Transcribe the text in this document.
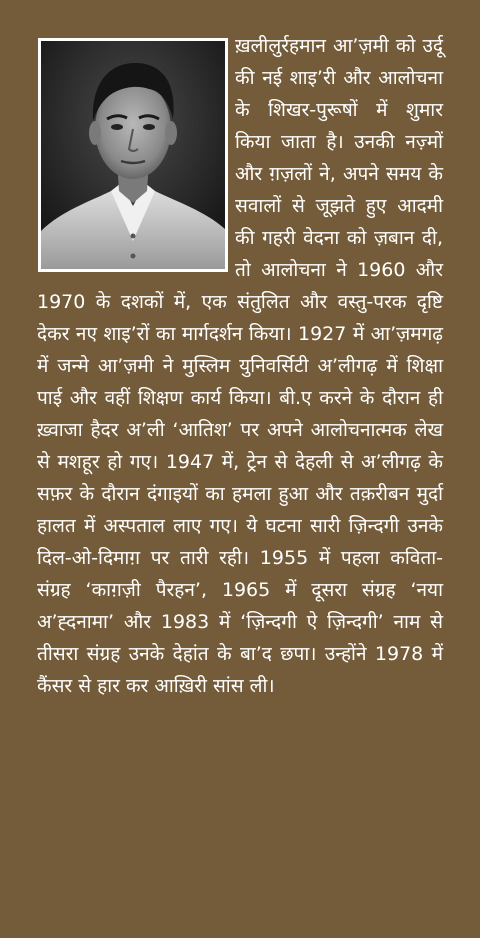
ख़लीलुर्रहमान आ’ज़मी को उर्दू की नई शाइ’री और आलोचना के शिखर-पुरूषों में शुमार किया जाता है। उनकी नज़्मों और ग़ज़लों ने, अपने समय के सवालों से जूझते हुए आदमी की गहरी वेदना को ज़बान दी, तो आलोचना ने 1960 और 1970 के दशकों में, एक संतुलित और वस्तु-परक दृष्टि देकर नए शाइ’रों का मार्गदर्शन किया। 1927 में आ’ज़मगढ़ में जन्मे आ’ज़मी ने मुस्लिम युनिवर्सिटी अ’लीगढ़ में शिक्षा पाई और वहीं शिक्षण कार्य किया। बी.ए करने के दौरान ही ख़्वाजा हैदर अ’ली ‘आतिश’ पर अपने आलोचनात्मक लेख से मशहूर हो गए। 1947 में, ट्रेन से देहली से अ’लीगढ़ के सफ़र के दौरान दंगाइयों का हमला हुआ और तक़रीबन मुर्दा हालत में अस्पताल लाए गए। ये घटना सारी ज़िन्दगी उनके दिल-ओ-दिमाग़ पर तारी रही। 1955 में पहला कविता-संग्रह ‘काग़ज़ी पैरहन’, 1965 में दूसरा संग्रह ‘नया अ’ह्दनामा’ और 1983 में ‘ज़िन्दगी ऐ ज़िन्दगी’ नाम से तीसरा संग्रह उनके देहांत के बा’द छपा। उन्होंने 1978 में कैंसर से हार कर आख़िरी सांस ली।
